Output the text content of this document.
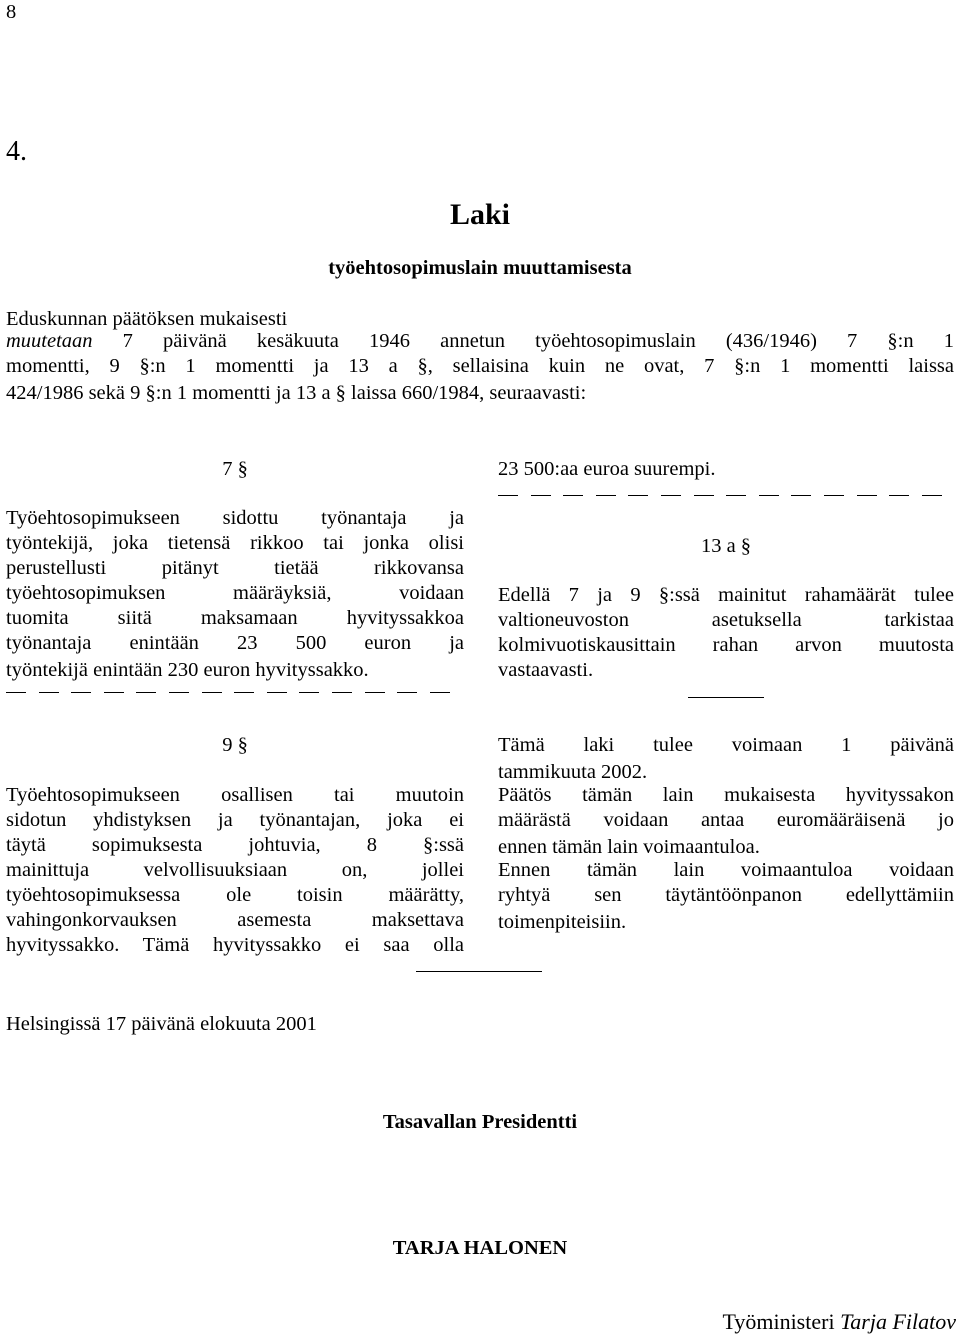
8
4.
Laki
työehtosopimuslain muuttamisesta
Eduskunnan päätöksen mukaisesti
muutetaan 7 päivänä kesäkuuta 1946 annetun työehtosopimuslain (436/1946) 7 §:n 1
momentti, 9 §:n 1 momentti ja 13 a §, sellaisina kuin ne ovat, 7 §:n 1 momentti laissa
424/1986 sekä 9 §:n 1 momentti ja 13 a § laissa 660/1984, seuraavasti:
7 §
Työehtosopimukseen sidottu työnantaja ja
työntekijä, joka tietensä rikkoo tai jonka olisi
perustellusti pitänyt tietää rikkovansa
työehtosopimuksen määräyksiä, voidaan
tuomita siitä maksamaan hyvityssakkoa
työnantaja enintään 23 500 euron ja
työntekijä enintään 230 euron hyvityssakko.
9 §
Työehtosopimukseen osallisen tai muutoin
sidotun yhdistyksen ja työnantajan, joka ei
täytä sopimuksesta johtuvia, 8 §:ssä
mainittuja velvollisuuksiaan on, jollei
työehtosopimuksessa ole toisin määrätty,
vahingonkorvauksen asemesta maksettava
hyvityssakko. Tämä hyvityssakko ei saa olla
23 500:aa euroa suurempi.
13 a §
Edellä 7 ja 9 §:ssä mainitut rahamäärät tulee
valtioneuvoston asetuksella tarkistaa
kolmivuotiskausittain rahan arvon muutosta
vastaavasti.
Tämä laki tulee voimaan 1 päivänä
tammikuuta 2002.
Päätös tämän lain mukaisesta hyvityssakon
määrästä voidaan antaa euromääräisenä jo
ennen tämän lain voimaantuloa.
Ennen tämän lain voimaantuloa voidaan
ryhtyä sen täytäntöönpanon edellyttämiin
toimenpiteisiin.
Helsingissä 17 päivänä elokuuta 2001
Tasavallan Presidentti
TARJA HALONEN
Työministeri Tarja Filatov
